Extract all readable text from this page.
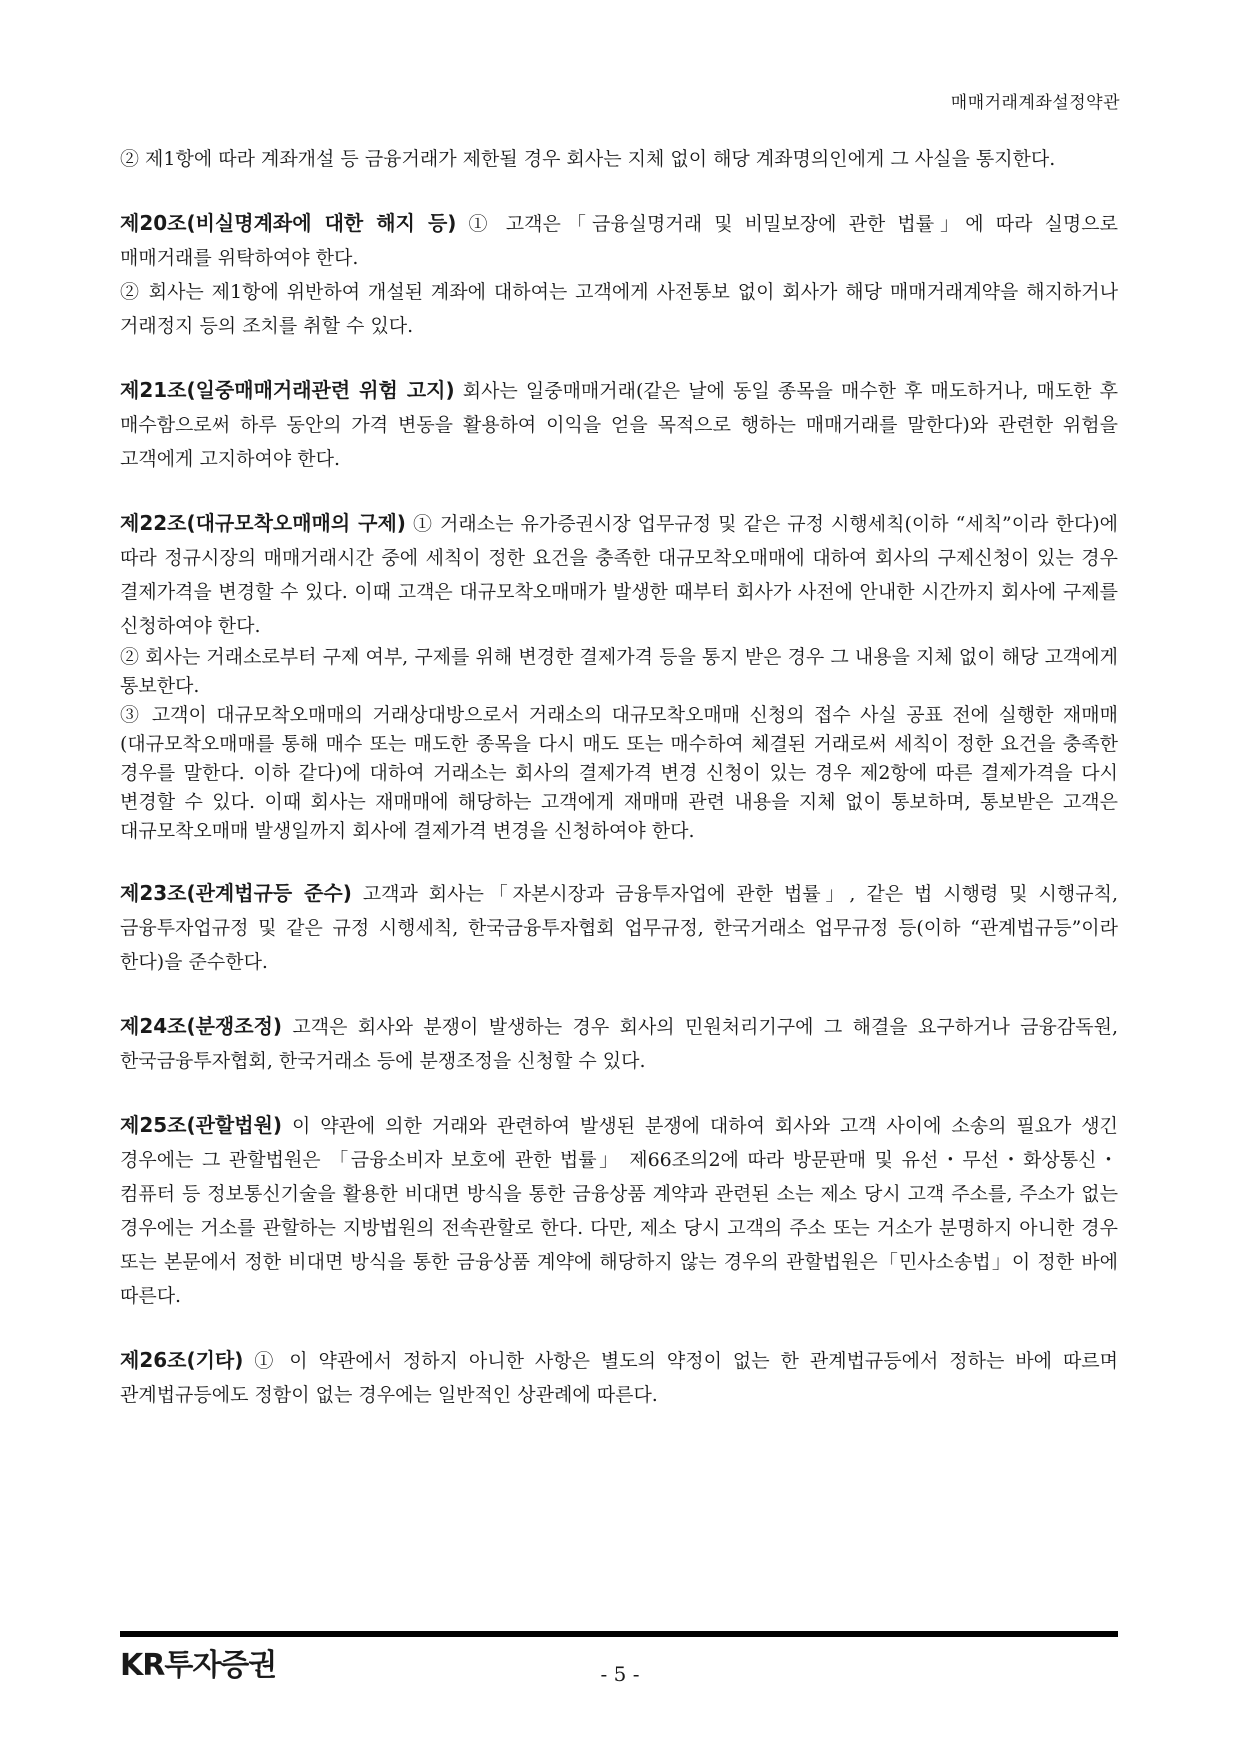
매매거래계좌설정약관

② 제1항에 따라 계좌개설 등 금융거래가 제한될 경우 회사는 지체 없이 해당 계좌명의인에게 그 사실을 통지한다.

제20조(비실명계좌에 대한 해지 등) ① 고객은「금융실명거래 및 비밀보장에 관한 법률」에 따라 실명으로 매매거래를 위탁하여야 한다.

② 회사는 제1항에 위반하여 개설된 계좌에 대하여는 고객에게 사전통보 없이 회사가 해당 매매거래계약을 해지하거나 거래정지 등의 조치를 취할 수 있다.

제21조(일중매매거래관련 위험 고지) 회사는 일중매매거래(같은 날에 동일 종목을 매수한 후 매도하거나, 매도한 후 매수함으로써 하루 동안의 가격 변동을 활용하여 이익을 얻을 목적으로 행하는 매매거래를 말한다)와 관련한 위험을 고객에게 고지하여야 한다.

제22조(대규모착오매매의 구제) ① 거래소는 유가증권시장 업무규정 및 같은 규정 시행세칙(이하 “세칙”이라 한다)에 따라 정규시장의 매매거래시간 중에 세칙이 정한 요건을 충족한 대규모착오매매에 대하여 회사의 구제신청이 있는 경우 결제가격을 변경할 수 있다. 이때 고객은 대규모착오매매가 발생한 때부터 회사가 사전에 안내한 시간까지 회사에 구제를 신청하여야 한다.

② 회사는 거래소로부터 구제 여부, 구제를 위해 변경한 결제가격 등을 통지 받은 경우 그 내용을 지체 없이 해당 고객에게 통보한다.

③ 고객이 대규모착오매매의 거래상대방으로서 거래소의 대규모착오매매 신청의 접수 사실 공표 전에 실행한 재매매(대규모착오매매를 통해 매수 또는 매도한 종목을 다시 매도 또는 매수하여 체결된 거래로써 세칙이 정한 요건을 충족한 경우를 말한다. 이하 같다)에 대하여 거래소는 회사의 결제가격 변경 신청이 있는 경우 제2항에 따른 결제가격을 다시 변경할 수 있다. 이때 회사는 재매매에 해당하는 고객에게 재매매 관련 내용을 지체 없이 통보하며, 통보받은 고객은 대규모착오매매 발생일까지 회사에 결제가격 변경을 신청하여야 한다.

제23조(관계법규등 준수) 고객과 회사는「자본시장과 금융투자업에 관한 법률」, 같은 법 시행령 및 시행규칙, 금융투자업규정 및 같은 규정 시행세칙, 한국금융투자협회 업무규정, 한국거래소 업무규정 등(이하 “관계법규등”이라 한다)을 준수한다.

제24조(분쟁조정) 고객은 회사와 분쟁이 발생하는 경우 회사의 민원처리기구에 그 해결을 요구하거나 금융감독원, 한국금융투자협회, 한국거래소 등에 분쟁조정을 신청할 수 있다.

제25조(관할법원) 이 약관에 의한 거래와 관련하여 발생된 분쟁에 대하여 회사와 고객 사이에 소송의 필요가 생긴 경우에는 그 관할법원은 「금융소비자 보호에 관한 법률」 제66조의2에 따라 방문판매 및 유선・무선・화상통신・컴퓨터 등 정보통신기술을 활용한 비대면 방식을 통한 금융상품 계약과 관련된 소는 제소 당시 고객 주소를, 주소가 없는 경우에는 거소를 관할하는 지방법원의 전속관할로 한다. 다만, 제소 당시 고객의 주소 또는 거소가 분명하지 아니한 경우 또는 본문에서 정한 비대면 방식을 통한 금융상품 계약에 해당하지 않는 경우의 관할법원은「민사소송법」이 정한 바에 따른다.

제26조(기타) ① 이 약관에서 정하지 아니한 사항은 별도의 약정이 없는 한 관계법규등에서 정하는 바에 따르며 관계법규등에도 정함이 없는 경우에는 일반적인 상관례에 따른다.

KR투자증권	- 5 -
